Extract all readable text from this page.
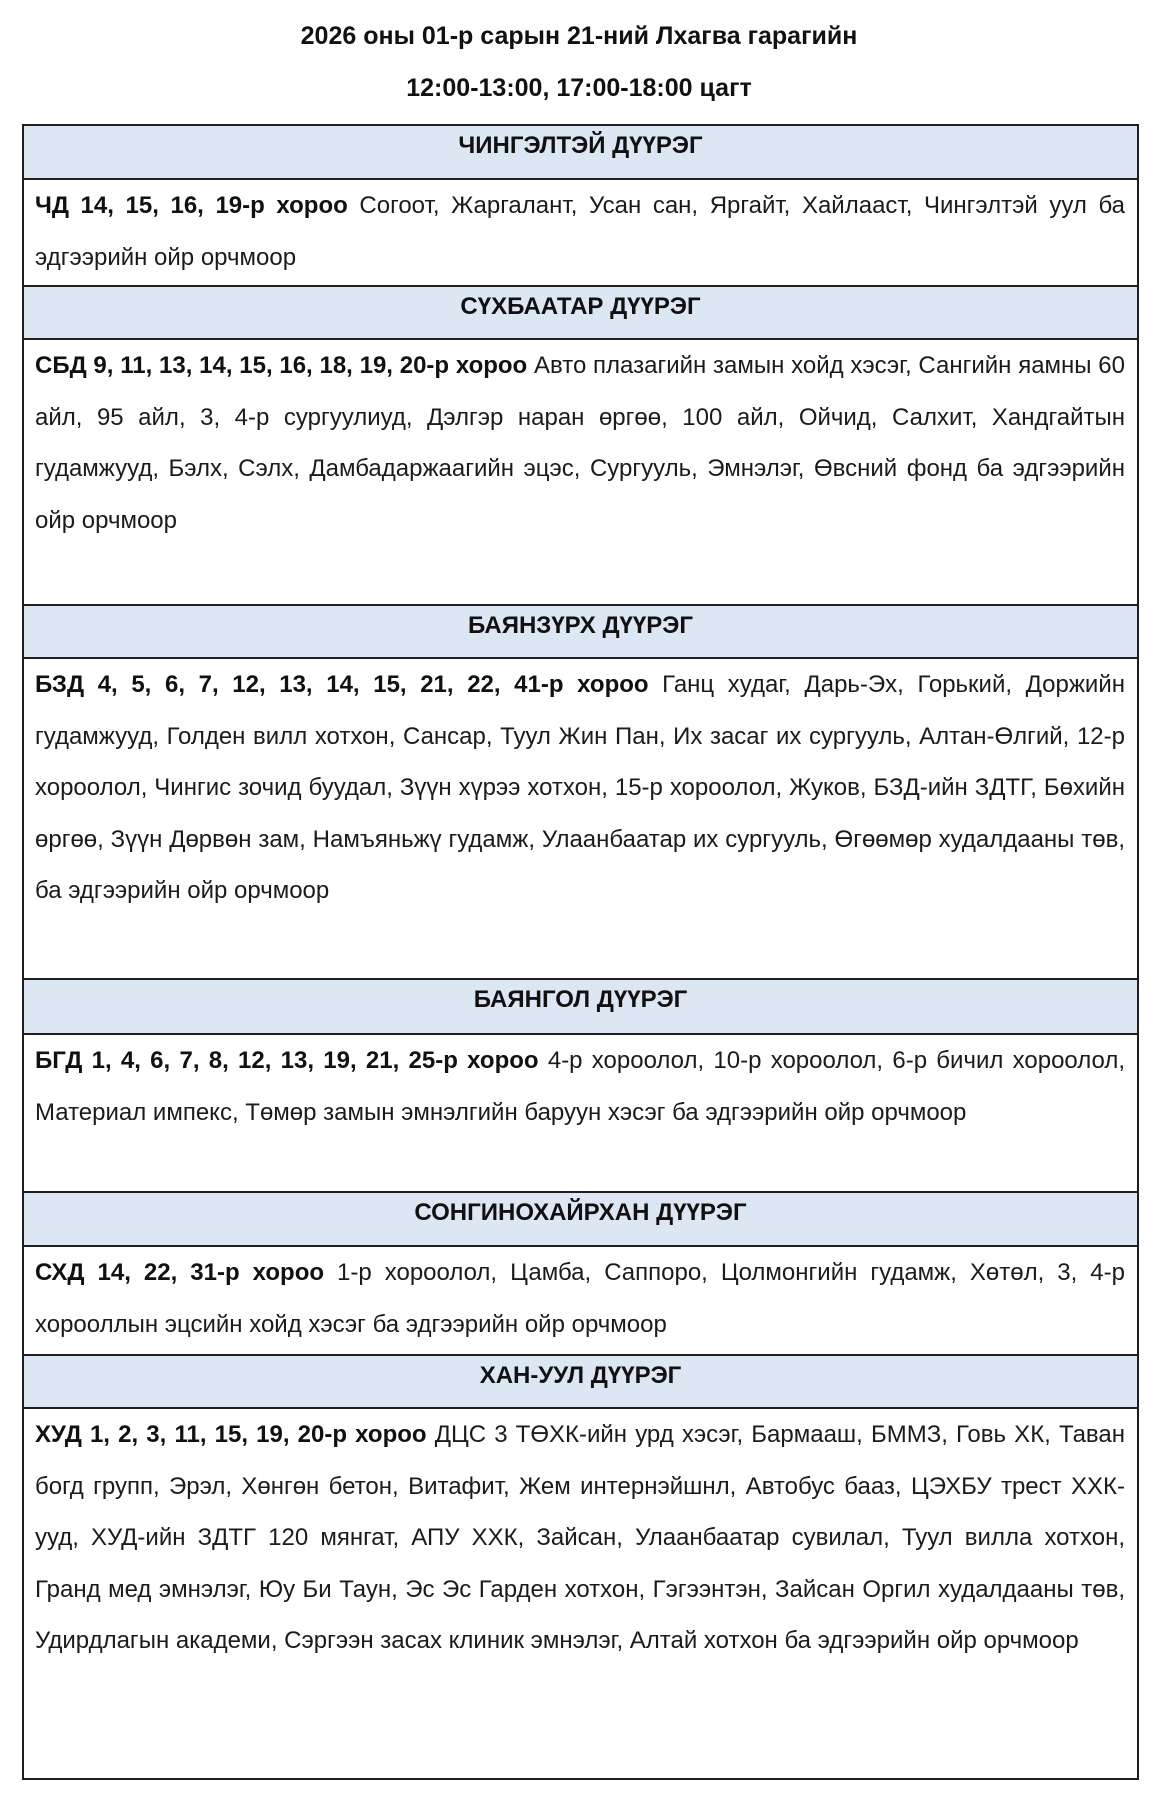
2026 оны 01-р сарын 21-ний Лхагва гарагийн
12:00-13:00, 17:00-18:00 цагт
ЧИНГЭЛТЭЙ ДҮҮРЭГ

ЧД 14, 15, 16, 19-р хороо Согоот, Жаргалант, Усан сан, Яргайт, Хайлааст, Чингэлтэй уул ба эдгээрийн ойр орчмоор

СҮХБААТАР ДҮҮРЭГ

СБД 9, 11, 13, 14, 15, 16, 18, 19, 20-р хороо Авто плазагийн замын хойд хэсэг, Сангийн яамны 60 айл, 95 айл, 3, 4-р сургуулиуд, Дэлгэр наран өргөө, 100 айл, Ойчид, Салхит, Хандгайтын гудамжууд, Бэлх, Сэлх, Дамбадаржаагийн эцэс, Сургууль, Эмнэлэг, Өвсний фонд ба эдгээрийн ойр орчмоор

БАЯНЗҮРХ ДҮҮРЭГ

БЗД 4, 5, 6, 7, 12, 13, 14, 15, 21, 22, 41-р хороо Ганц худаг, Дарь-Эх, Горький, Доржийн гудамжууд, Голден вилл хотхон, Сансар, Туул Жин Пан, Их засаг их сургууль, Алтан-Өлгий, 12-р хороолол, Чингис зочид буудал, Зүүн хүрээ хотхон, 15-р хороолол, Жуков, БЗД-ийн ЗДТГ, Бөхийн өргөө, Зүүн Дөрвөн зам, Намъяньжү гудамж, Улаанбаатар их сургууль, Өгөөмөр худалдааны төв, ба эдгээрийн ойр орчмоор

БАЯНГОЛ ДҮҮРЭГ

БГД 1, 4, 6, 7, 8, 12, 13, 19, 21, 25-р хороо 4-р хороолол, 10-р хороолол, 6-р бичил хороолол, Материал импекс, Төмөр замын эмнэлгийн баруун хэсэг ба эдгээрийн ойр орчмоор

СОНГИНОХАЙРХАН ДҮҮРЭГ

СХД 14, 22, 31-р хороо 1-р хороолол, Цамба, Саппоро, Цолмонгийн гудамж, Хөтөл, 3, 4-р хорооллын эцсийн хойд хэсэг ба эдгээрийн ойр орчмоор

ХАН-УУЛ ДҮҮРЭГ

ХУД 1, 2, 3, 11, 15, 19, 20-р хороо ДЦС 3 ТӨХК-ийн урд хэсэг, Бармааш, БММЗ, Говь ХК, Таван богд групп, Эрэл, Хөнгөн бетон, Витафит, Жем интернэйшнл, Автобус бааз, ЦЭХБУ трест ХХК-ууд, ХУД-ийн ЗДТГ 120 мянгат, АПУ ХХК, Зайсан, Улаанбаатар сувилал, Туул вилла хотхон, Гранд мед эмнэлэг, Юу Би Таун, Эс Эс Гарден хотхон, Гэгээнтэн, Зайсан Оргил худалдааны төв, Удирдлагын академи, Сэргээн засах клиник эмнэлэг, Алтай хотхон ба эдгээрийн ойр орчмоор
